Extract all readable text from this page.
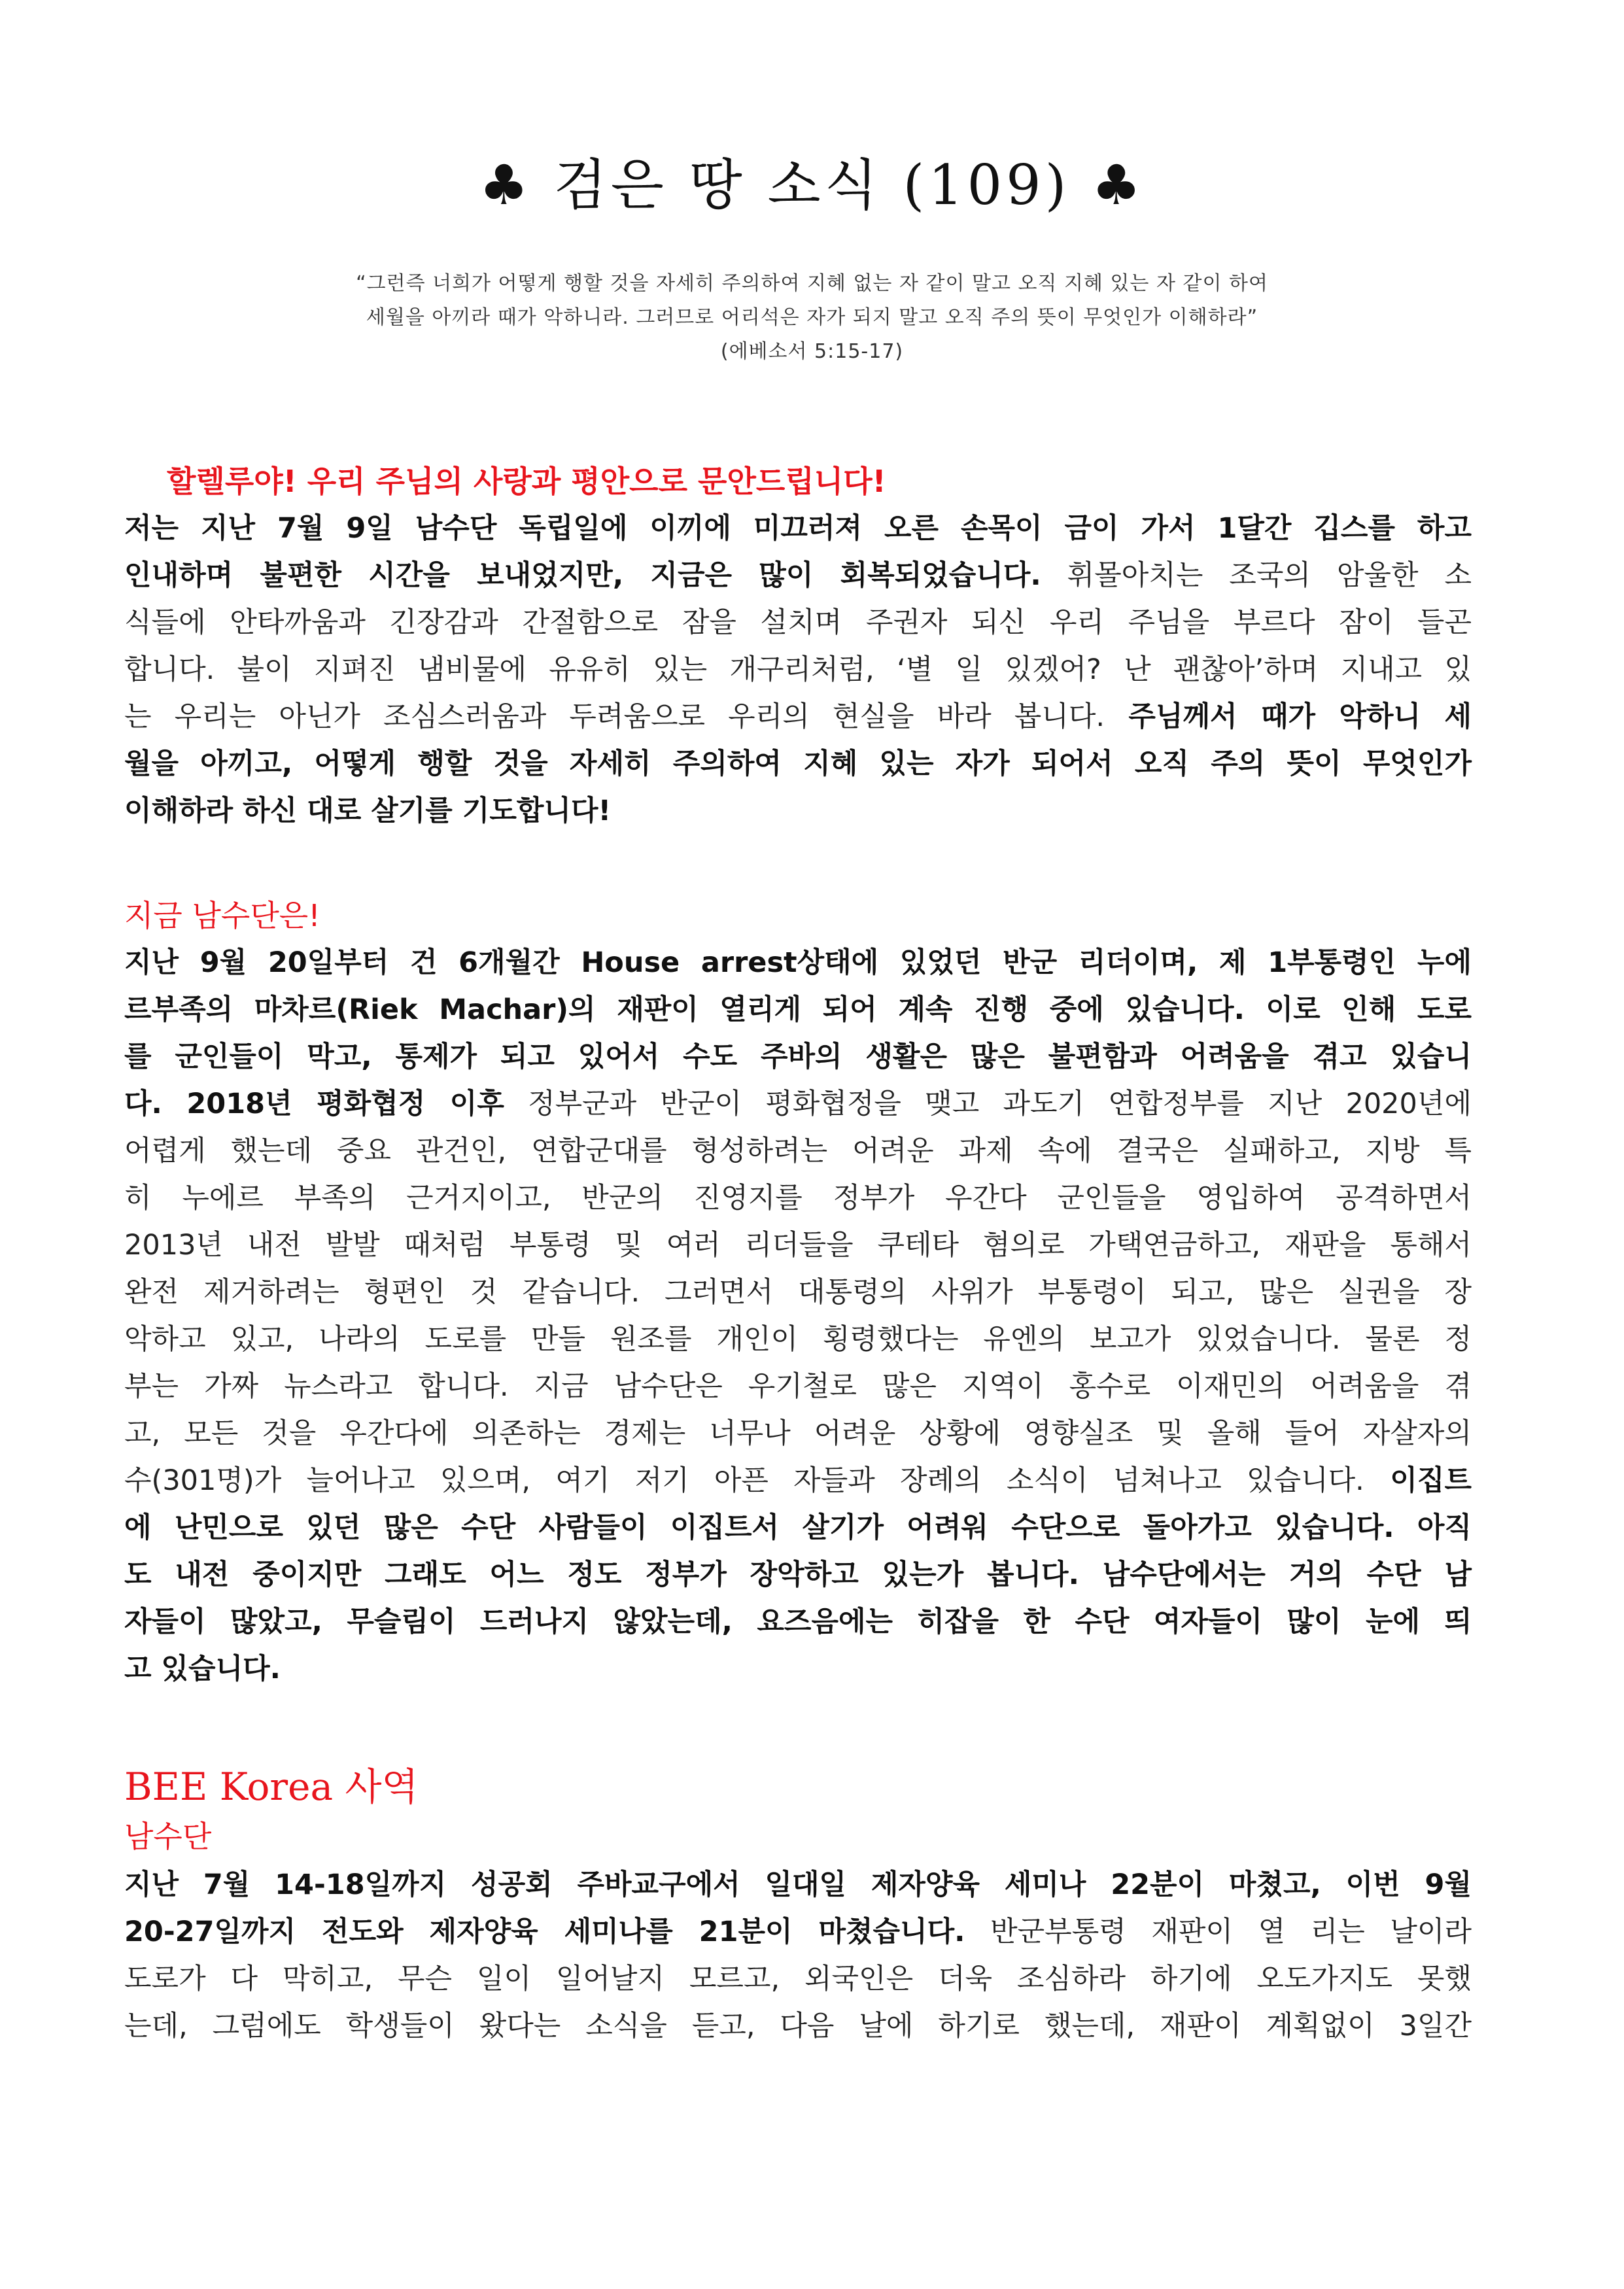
♣ 검은 땅 소식 (109) ♣
“그런즉 너희가 어떻게 행할 것을 자세히 주의하여 지혜 없는 자 같이 말고 오직 지혜 있는 자 같이 하여
세월을 아끼라 때가 악하니라. 그러므로 어리석은 자가 되지 말고 오직 주의 뜻이 무엇인가 이해하라”
(에베소서 5:15-17)
할렐루야! 우리 주님의 사랑과 평안으로 문안드립니다!
저는 지난 7월 9일 남수단 독립일에 이끼에 미끄러져 오른 손목이 금이 가서 1달간 깁스를 하고
인내하며 불편한 시간을 보내었지만, 지금은 많이 회복되었습니다. 휘몰아치는 조국의 암울한 소
식들에 안타까움과 긴장감과 간절함으로 잠을 설치며 주권자 되신 우리 주님을 부르다 잠이 들곤
합니다. 불이 지펴진 냄비물에 유유히 있는 개구리처럼, ‘별 일 있겠어? 난 괜찮아’하며 지내고 있
는 우리는 아닌가 조심스러움과 두려움으로 우리의 현실을 바라 봅니다. 주님께서 때가 악하니 세
월을 아끼고, 어떻게 행할 것을 자세히 주의하여 지혜 있는 자가 되어서 오직 주의 뜻이 무엇인가
이해하라 하신 대로 살기를 기도합니다!
지금 남수단은!
지난 9월 20일부터 건 6개월간 House arrest상태에 있었던 반군 리더이며, 제 1부통령인 누에
르부족의 마차르(Riek Machar)의 재판이 열리게 되어 계속 진행 중에 있습니다. 이로 인해 도로
를 군인들이 막고, 통제가 되고 있어서 수도 주바의 생활은 많은 불편함과 어려움을 겪고 있습니
다. 2018년 평화협정 이후 정부군과 반군이 평화협정을 맺고 과도기 연합정부를 지난 2020년에
어렵게 했는데 중요 관건인, 연합군대를 형성하려는 어려운 과제 속에 결국은 실패하고, 지방 특
히 누에르 부족의 근거지이고, 반군의 진영지를 정부가 우간다 군인들을 영입하여 공격하면서
2013년 내전 발발 때처럼 부통령 및 여러 리더들을 쿠테타 혐의로 가택연금하고, 재판을 통해서
완전 제거하려는 형편인 것 같습니다. 그러면서 대통령의 사위가 부통령이 되고, 많은 실권을 장
악하고 있고, 나라의 도로를 만들 원조를 개인이 횡령했다는 유엔의 보고가 있었습니다. 물론 정
부는 가짜 뉴스라고 합니다. 지금 남수단은 우기철로 많은 지역이 홍수로 이재민의 어려움을 겪
고, 모든 것을 우간다에 의존하는 경제는 너무나 어려운 상황에 영향실조 및 올해 들어 자살자의
수(301명)가 늘어나고 있으며, 여기 저기 아픈 자들과 장례의 소식이 넘쳐나고 있습니다. 이집트
에 난민으로 있던 많은 수단 사람들이 이집트서 살기가 어려워 수단으로 돌아가고 있습니다. 아직
도 내전 중이지만 그래도 어느 정도 정부가 장악하고 있는가 봅니다. 남수단에서는 거의 수단 남
자들이 많았고, 무슬림이 드러나지 않았는데, 요즈음에는 히잡을 한 수단 여자들이 많이 눈에 띄
고 있습니다.
BEE Korea 사역
남수단
지난 7월 14-18일까지 성공회 주바교구에서 일대일 제자양육 세미나 22분이 마쳤고, 이번 9월
20-27일까지 전도와 제자양육 세미나를 21분이 마쳤습니다. 반군부통령 재판이 열 리는 날이라
도로가 다 막히고, 무슨 일이 일어날지 모르고, 외국인은 더욱 조심하라 하기에 오도가지도 못했
는데, 그럼에도 학생들이 왔다는 소식을 듣고, 다음 날에 하기로 했는데, 재판이 계획없이 3일간
